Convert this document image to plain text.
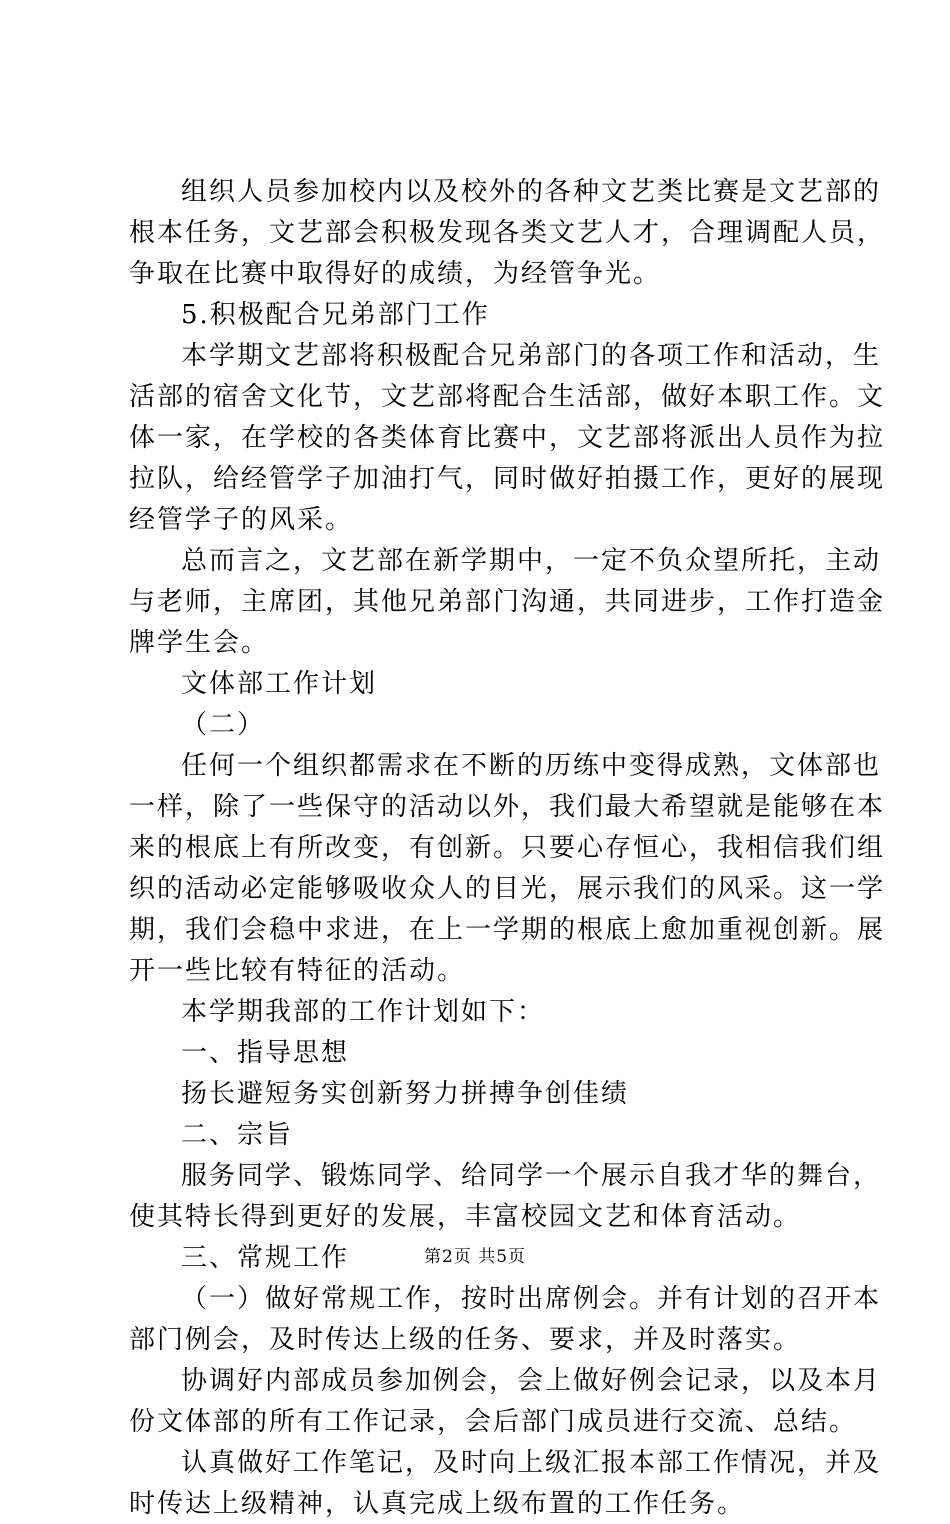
组织人员参加校内以及校外的各种文艺类比赛是文艺部的
根本任务，文艺部会积极发现各类文艺人才，合理调配人员，
争取在比赛中取得好的成绩，为经管争光。
5.积极配合兄弟部门工作
本学期文艺部将积极配合兄弟部门的各项工作和活动，生
活部的宿舍文化节，文艺部将配合生活部，做好本职工作。文
体一家，在学校的各类体育比赛中，文艺部将派出人员作为拉
拉队，给经管学子加油打气，同时做好拍摄工作，更好的展现
经管学子的风采。
总而言之，文艺部在新学期中，一定不负众望所托，主动
与老师，主席团，其他兄弟部门沟通，共同进步，工作打造金
牌学生会。
文体部工作计划
（二）
任何一个组织都需求在不断的历练中变得成熟，文体部也
一样，除了一些保守的活动以外，我们最大希望就是能够在本
来的根底上有所改变，有创新。只要心存恒心，我相信我们组
织的活动必定能够吸收众人的目光，展示我们的风采。这一学
期，我们会稳中求进，在上一学期的根底上愈加重视创新。展
开一些比较有特征的活动。
本学期我部的工作计划如下：
一、指导思想
扬长避短务实创新努力拼搏争创佳绩
二、宗旨
服务同学、锻炼同学、给同学一个展示自我才华的舞台，
使其特长得到更好的发展，丰富校园文艺和体育活动。
三、常规工作
（一）做好常规工作，按时出席例会。并有计划的召开本
部门例会，及时传达上级的任务、要求，并及时落实。
协调好内部成员参加例会，会上做好例会记录，以及本月
份文体部的所有工作记录，会后部门成员进行交流、总结。
认真做好工作笔记，及时向上级汇报本部工作情况，并及
时传达上级精神，认真完成上级布置的工作任务。
第2页 共5页
